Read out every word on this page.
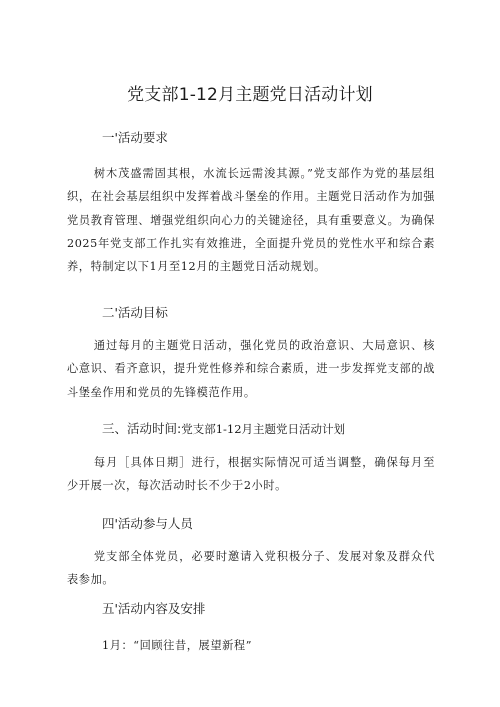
党支部1-12月主题党日活动计划
一'活动要求

树木茂盛需固其根，水流长远需浚其源。”党支部作为党的基层组织，在社会基层组织中发挥着战斗堡垒的作用。主题党日活动作为加强党员教育管理、增强党组织向心力的关键途径，具有重要意义。为确保2025年党支部工作扎实有效推进，全面提升党员的党性水平和综合素养，特制定以下1月至12月的主题党日活动规划。

二'活动目标

通过每月的主题党日活动，强化党员的政治意识、大局意识、核心意识、看齐意识，提升党性修养和综合素质，进一步发挥党支部的战斗堡垒作用和党员的先锋模范作用。

三、活动时间:党支部1-12月主题党日活动计划

每月［具体日期］进行，根据实际情况可适当调整，确保每月至少开展一次，每次活动时长不少于2小时。

四'活动参与人员

党支部全体党员，必要时邀请入党积极分子、发展对象及群众代表参加。

五'活动内容及安排

1月：“回顾往昔，展望新程”
